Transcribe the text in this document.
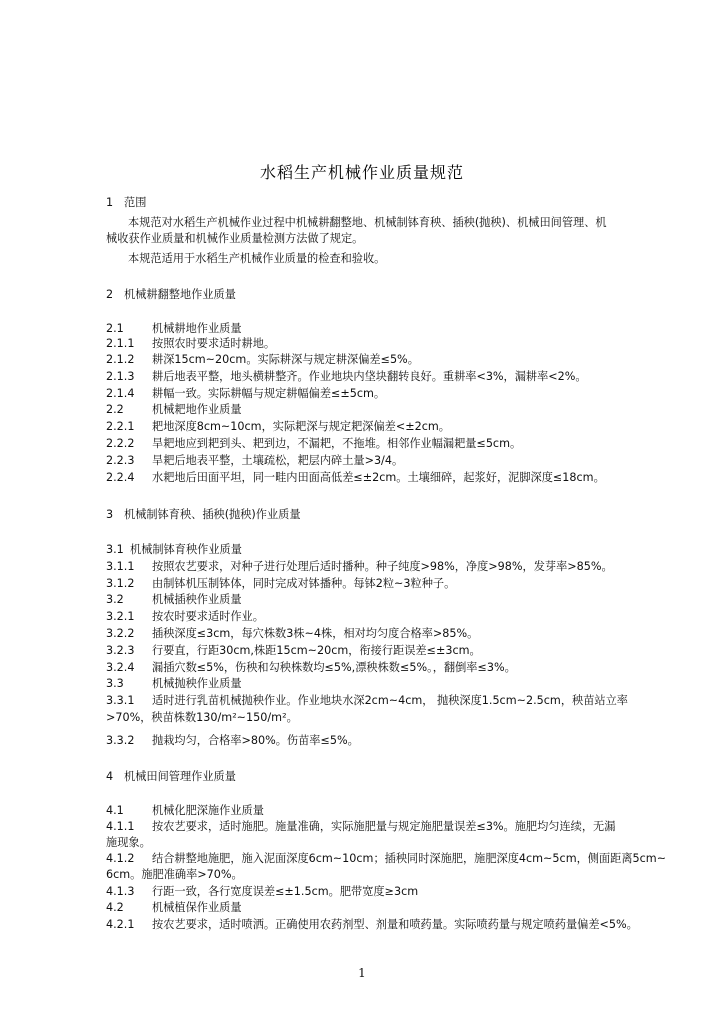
水稻生产机械作业质量规范
1 范围
本规范对水稻生产机械作业过程中机械耕翻整地、机械制钵育秧、插秧(抛秧)、机械田间管理、机
械收获作业质量和机械作业质量检测方法做了规定。
本规范适用于水稻生产机械作业质量的检查和验收。
2 机械耕翻整地作业质量
2.1	机械耕地作业质量
2.1.1 按照农时要求适时耕地。
2.1.2 耕深15cm~20cm。实际耕深与规定耕深偏差≤5%。
2.1.3 耕后地表平整，地头横耕整齐。作业地块内垡块翻转良好。重耕率<3%，漏耕率<2%。
2.1.4 耕幅一致。实际耕幅与规定耕幅偏差≤±5cm。
2.2	机械耙地作业质量
2.2.1 耙地深度8cm~10cm，实际耙深与规定耙深偏差<±2cm。
2.2.2 旱耙地应到耙到头、耙到边，不漏耙，不拖堆。相邻作业幅漏耙量≤5cm。
2.2.3 旱耙后地表平整，土壤疏松，耙层内碎土量>3/4。
2.2.4 水耙地后田面平坦，同一畦内田面高低差≤±2cm。土壤细碎，起浆好，泥脚深度≤18cm。
3 机械制钵育秧、插秧(抛秧)作业质量
3.1 机械制钵育秧作业质量
3.1.1 按照农艺要求，对种子进行处理后适时播种。种子纯度>98%，净度>98%，发芽率>85%。
3.1.2 由制钵机压制钵体，同时完成对钵播种。每钵2粒~3粒种子。
3.2	机械插秧作业质量
3.2.1 按农时要求适时作业。
3.2.2 插秧深度≤3cm，每穴株数3株~4株，相对均匀度合格率>85%。
3.2.3 行要直，行距30cm,株距15cm~20cm，衔接行距误差≤±3cm。
3.2.4 漏插穴数≤5%，伤秧和勾秧株数均≤5%,漂秧株数≤5%。，翻倒率≤3%。
3.3	机械抛秧作业质量
3.3.1 适时进行乳苗机械抛秧作业。作业地块水深2cm~4cm， 抛秧深度1.5cm~2.5cm，秧苗站立率
>70%，秧苗株数130/m²~150/m²。
3.3.2 抛栽均匀，合格率>80%。伤苗率≤5%。
4 机械田间管理作业质量
4.1	机械化肥深施作业质量
4.1.1 按农艺要求，适时施肥。施量准确，实际施肥量与规定施肥量误差≤3%。施肥均匀连续，无漏
施现象。
4.1.2 结合耕整地施肥，施入泥面深度6cm~10cm；插秧同时深施肥，施肥深度4cm~5cm，侧面距离5cm~
6cm。施肥准确率>70%。
4.1.3 行距一致，各行宽度误差≤±1.5cm。肥带宽度≥3cm
4.2	机械植保作业质量
4.2.1 按农艺要求，适时喷洒。正确使用农药剂型、剂量和喷药量。实际喷药量与规定喷药量偏差<5%。
1
